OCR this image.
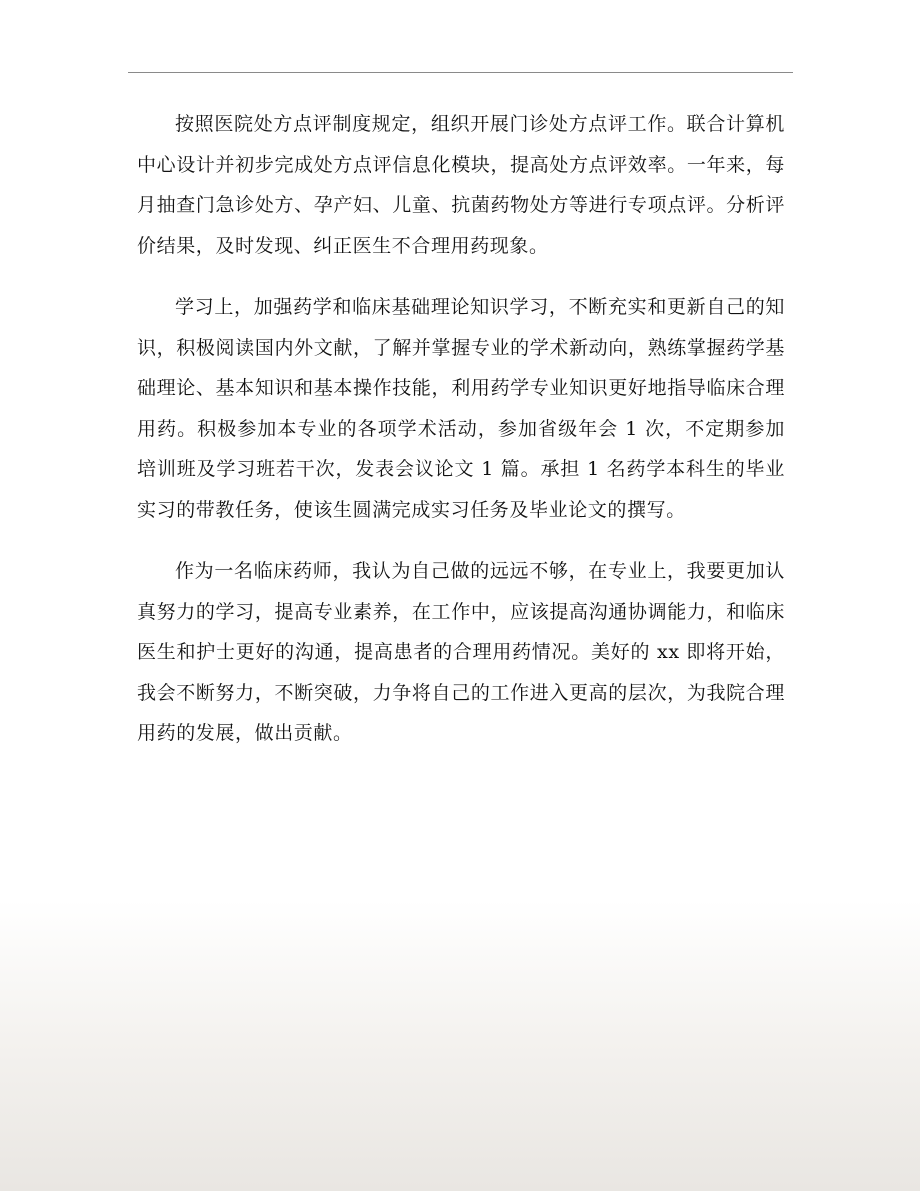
按照医院处方点评制度规定，组织开展门诊处方点评工作。联合计算机中心设计并初步完成处方点评信息化模块，提高处方点评效率。一年来，每月抽查门急诊处方、孕产妇、儿童、抗菌药物处方等进行专项点评。分析评价结果，及时发现、纠正医生不合理用药现象。

学习上，加强药学和临床基础理论知识学习，不断充实和更新自己的知识，积极阅读国内外文献，了解并掌握专业的学术新动向，熟练掌握药学基础理论、基本知识和基本操作技能，利用药学专业知识更好地指导临床合理用药。积极参加本专业的各项学术活动，参加省级年会 1 次，不定期参加培训班及学习班若干次，发表会议论文 1 篇。承担 1 名药学本科生的毕业实习的带教任务，使该生圆满完成实习任务及毕业论文的撰写。

作为一名临床药师，我认为自己做的远远不够，在专业上，我要更加认真努力的学习，提高专业素养，在工作中，应该提高沟通协调能力，和临床医生和护士更好的沟通，提高患者的合理用药情况。美好的 xx 即将开始，我会不断努力，不断突破，力争将自己的工作进入更高的层次，为我院合理用药的发展，做出贡献。
